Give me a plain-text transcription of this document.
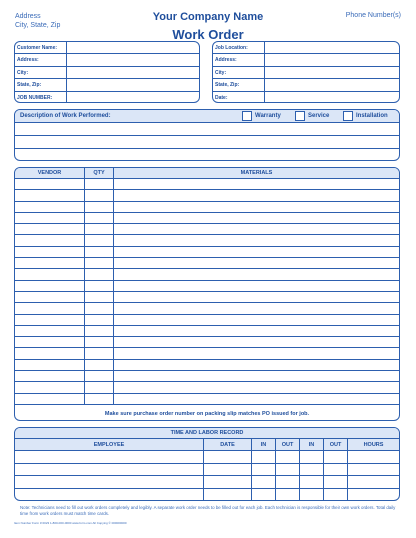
Address
City, State, Zip
Your Company Name	Phone Number(s)
Work Order
Customer Name:
Address:
City:
State, Zip:
JOB NUMBER:
Job Location:
Address:
City:
State, Zip:
Date:
Description of Work Performed:	Warranty	Service	Installation
VENDOR	QTY	MATERIALS
Make sure purchase order number on packing slip matches PO issued for job.
TIME AND LABOR RECORD
EMPLOYEE	DATE	IN	OUT	IN	OUT	HOURS
Note: Technicians need to fill out work orders completely and legibly. A separate work order needs to be filled out for each job. Each technician is responsible for their own work orders. Total daily time from work orders must match time cards.
Item Number Form # 0023 1-800-000-0000 www.form.com All Copying © 000000000
